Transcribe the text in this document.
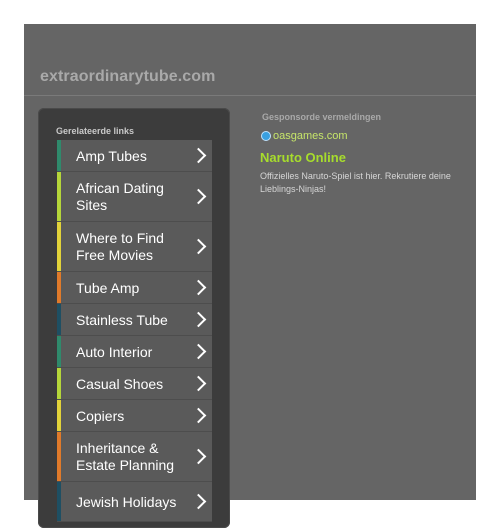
extraordinarytube.com
Gerelateerde links
Amp Tubes
African Dating Sites
Where to Find Free Movies
Tube Amp
Stainless Tube
Auto Interior
Casual Shoes
Copiers
Inheritance & Estate Planning
Jewish Holidays
Gesponsorde vermeldingen
oasgames.com
Naruto Online
Offizielles Naruto-Spiel ist hier. Rekrutiere deine Lieblings-Ninjas!
